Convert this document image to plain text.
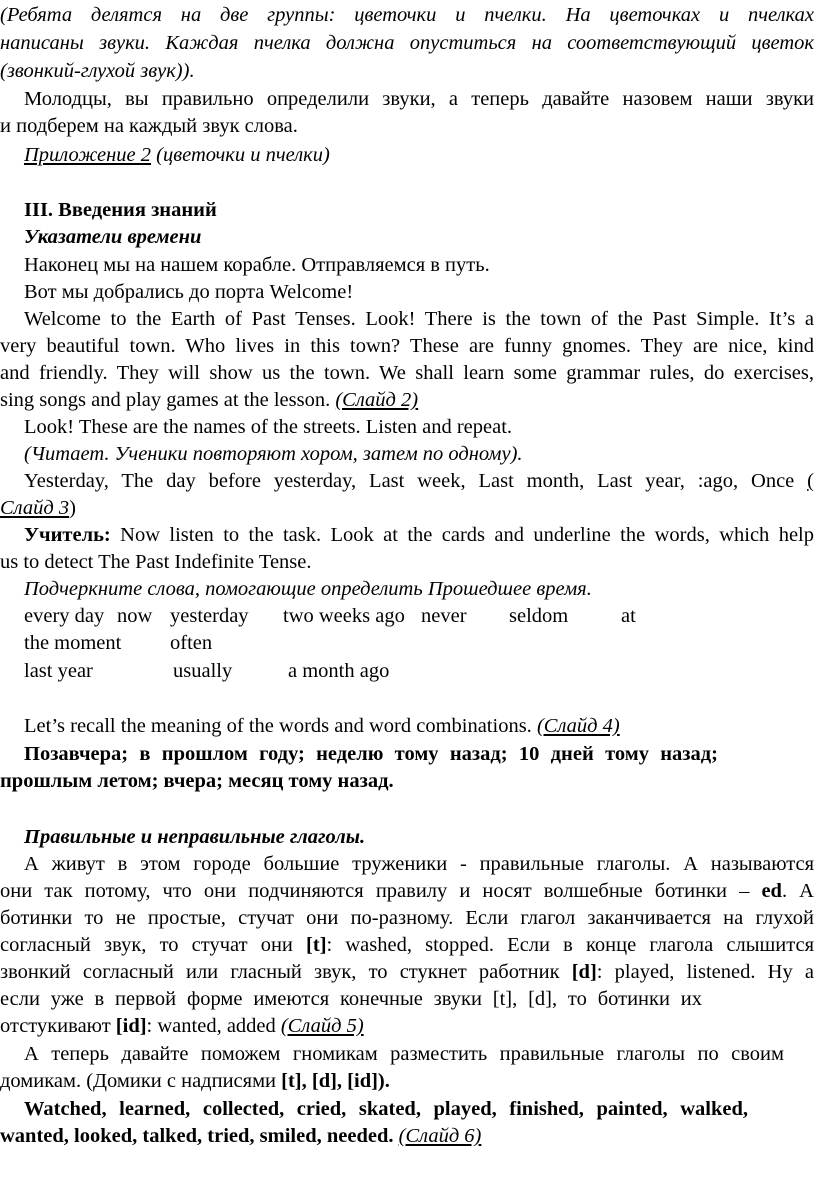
(Ребята делятся на две группы: цветочки и пчелки. На цветочках и пчелках
написаны звуки. Каждая пчелка должна опуститься на соответствующий цветок
(звонкий-глухой звук)).
Молодцы, вы правильно определили звуки, а теперь давайте назовем наши звуки
и подберем на каждый звук слова.
Приложение 2 (цветочки и пчелки)
III. Введения знаний
Указатели времени
Наконец мы на нашем корабле. Отправляемся в путь.
Вот мы добрались до порта Welcome!
Welcome to the Earth of Past Tenses. Look! There is the town of the Past Simple. It’s a
very beautiful town. Who lives in this town? These are funny gnomes. They are nice, kind
and friendly. They will show us the town. We shall learn some grammar rules, do exercises,
sing songs and play games at the lesson. (Слайд 2)
Look! These are the names of the streets. Listen and repeat.
(Читает. Ученики повторяют хором, затем по одному).
Yesterday, The day before yesterday, Last week, Last month, Last year, :ago, Once (
Слайд 3)
Учитель: Now listen to the task. Look at the cards and underline the words, which help
us to detect The Past Indefinite Tense.
Подчеркните слова, помогающие определить Прошедшее время.
every day now yesterday two weeks ago never seldom	at
the moment often
last year	usually	a month ago
Let’s recall the meaning of the words and word combinations. (Слайд 4)
Позавчера; в прошлом году; неделю тому назад; 10 дней тому назад;
прошлым летом; вчера; месяц тому назад.
Правильные и неправильные глаголы.
А живут в этом городе большие труженики - правильные глаголы. А называются
они так потому, что они подчиняются правилу и носят волшебные ботинки – ed. А
ботинки то не простые, стучат они по-разному. Если глагол заканчивается на глухой
согласный звук, то стучат они [t]: washed, stopped. Если в конце глагола слышится
звонкий согласный или гласный звук, то стукнет работник [d]: played, listened. Ну а
если уже в первой форме имеются конечные звуки [t], [d], то ботинки их
отстукивают [id]: wanted, added (Слайд 5)
А теперь давайте поможем гномикам разместить правильные глаголы по своим
домикам. (Домики с надписями [t], [d], [id]).
Watched, learned, collected, cried, skated, played, finished, painted, walked,
wanted, looked, talked, tried, smiled, needed. (Слайд 6)
